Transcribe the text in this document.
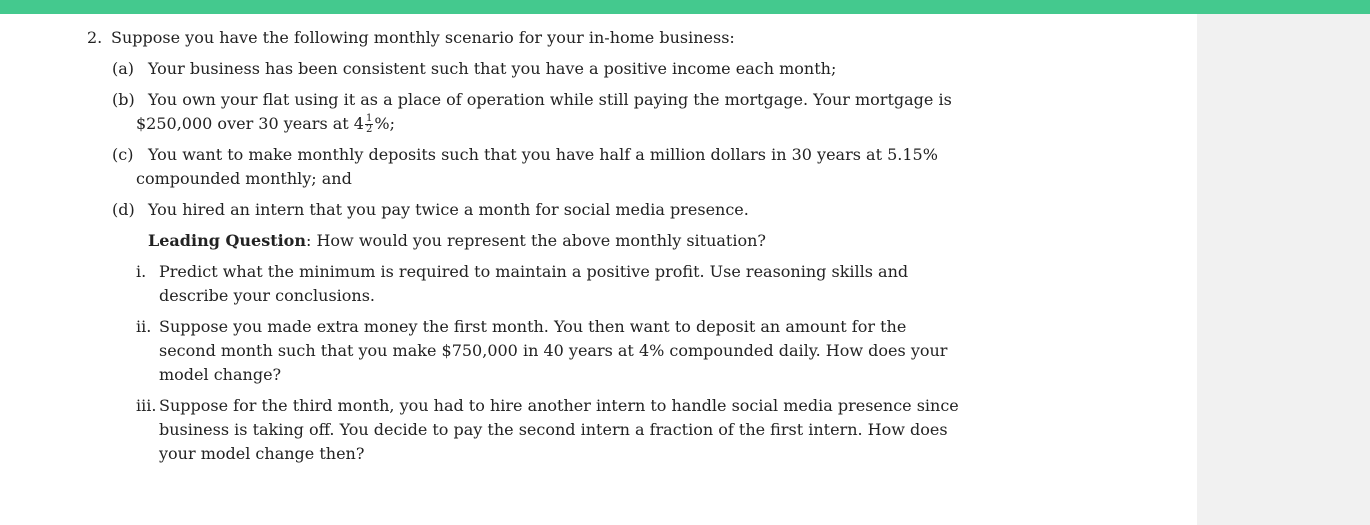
2. Suppose you have the following monthly scenario for your in-home business:
(a) Your business has been consistent such that you have a positive income each month;
(b) You own your flat using it as a place of operation while still paying the mortgage. Your mortgage is
$250,000 over 30 years at $4 \frac{1}{2}$ %;
(c) You want to make monthly deposits such that you have half a million dollars in 30 years at 5.15%
compounded monthly; and
(d) You hired an intern that you pay twice a month for social media presence.
Leading Question: How would you represent the above monthly situation?
i. Predict what the minimum is required to maintain a positive profit. Use reasoning skills and
describe your conclusions.
ii. Suppose you made extra money the first month. You then want to deposit an amount for the
second month such that you make $750,000 in 40 years at 4% compounded daily. How does your
model change?
iii. Suppose for the third month, you had to hire another intern to handle social media presence since
business is taking off. You decide to pay the second intern a fraction of the first intern. How does
your model change then?
